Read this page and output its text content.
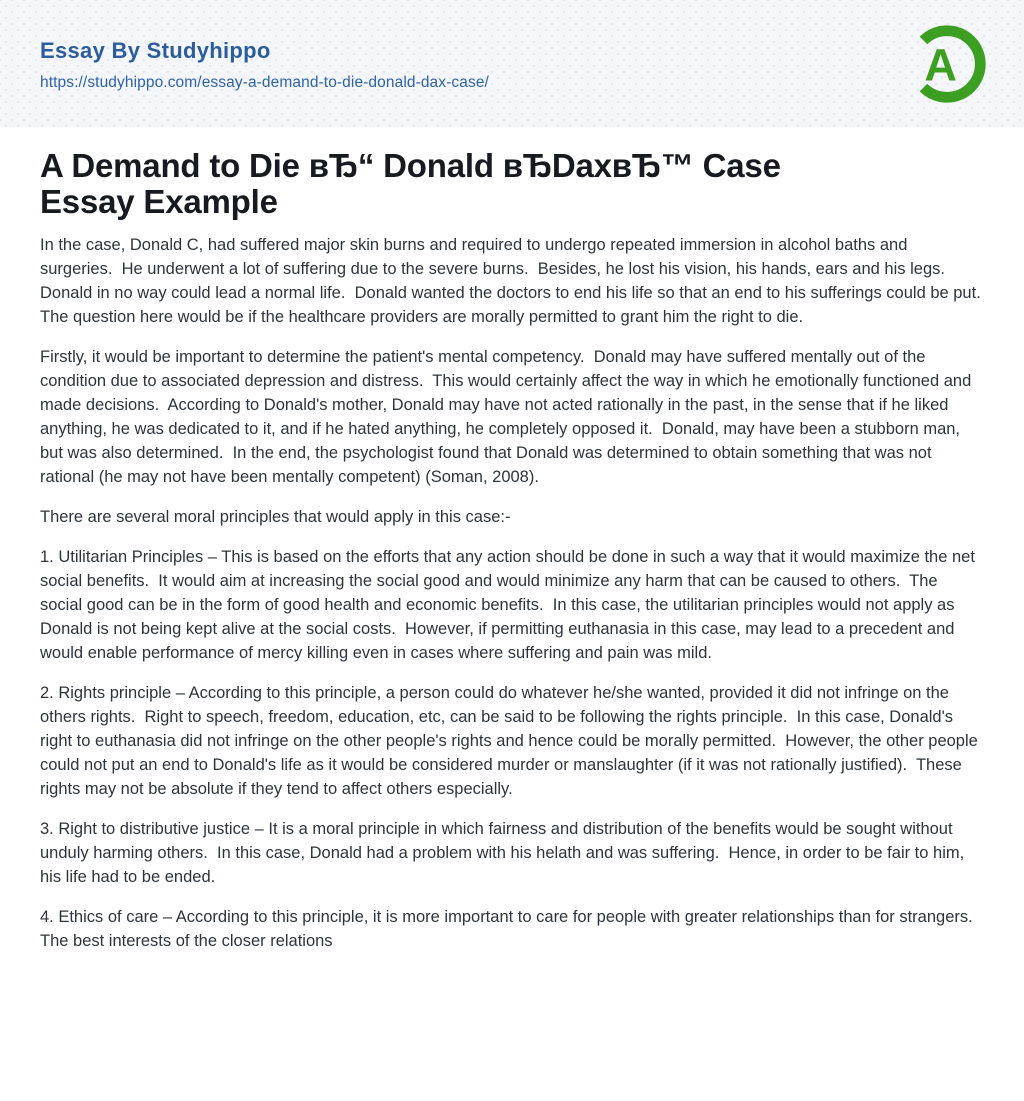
Essay By Studyhippo
https://studyhippo.com/essay-a-demand-to-die-donald-dax-case/	A
A Demand to Die вЂ“ Donald вЂDaxвЂ™ Case Essay Example

In the case, Donald C, had suffered major skin burns and required to undergo repeated immersion in alcohol baths and surgeries.  He underwent a lot of suffering due to the severe burns.  Besides, he lost his vision, his hands, ears and his legs.  Donald in no way could lead a normal life.  Donald wanted the doctors to end his life so that an end to his sufferings could be put.  The question here would be if the healthcare providers are morally permitted to grant him the right to die.

Firstly, it would be important to determine the patient's mental competency.  Donald may have suffered mentally out of the condition due to associated depression and distress.  This would certainly affect the way in which he emotionally functioned and made decisions.  According to Donald's mother, Donald may have not acted rationally in the past, in the sense that if he liked anything, he was dedicated to it, and if he hated anything, he completely opposed it.  Donald, may have been a stubborn man, but was also determined.  In the end, the psychologist found that Donald was determined to obtain something that was not rational (he may not have been mentally competent) (Soman, 2008).

There are several moral principles that would apply in this case:-

1. Utilitarian Principles – This is based on the efforts that any action should be done in such a way that it would maximize the net social benefits.  It would aim at increasing the social good and would minimize any harm that can be caused to others.  The social good can be in the form of good health and economic benefits.  In this case, the utilitarian principles would not apply as Donald is not being kept alive at the social costs.  However, if permitting euthanasia in this case, may lead to a precedent and would enable performance of mercy killing even in cases where suffering and pain was mild.

2. Rights principle – According to this principle, a person could do whatever he/she wanted, provided it did not infringe on the others rights.  Right to speech, freedom, education, etc, can be said to be following the rights principle.  In this case, Donald's right to euthanasia did not infringe on the other people's rights and hence could be morally permitted.  However, the other people could not put an end to Donald's life as it would be considered murder or manslaughter (if it was not rationally justified).  These rights may not be absolute if they tend to affect others especially.

3. Right to distributive justice – It is a moral principle in which fairness and distribution of the benefits would be sought without unduly harming others.  In this case, Donald had a problem with his helath and was suffering.  Hence, in order to be fair to him, his life had to be ended.

4. Ethics of care – According to this principle, it is more important to care for people with greater relationships than for strangers.  The best interests of the closer relations
